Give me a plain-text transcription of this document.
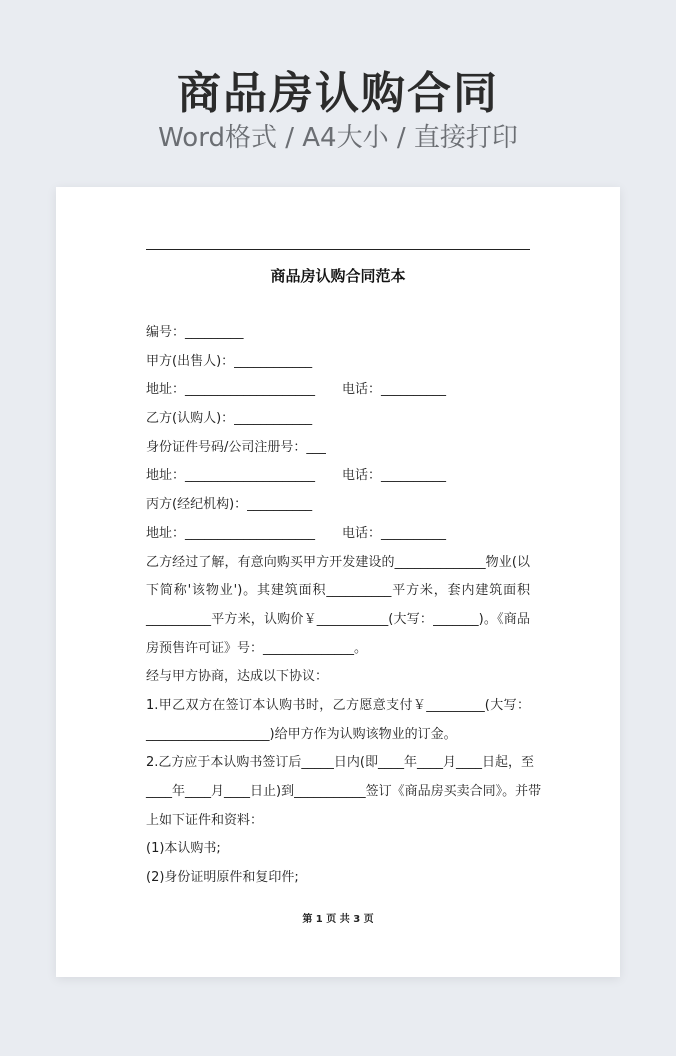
商品房认购合同
Word格式 / A4大小 / 直接打印
商品房认购合同范本
编号：_________
甲方(出售人)：____________
地址：____________________ 电话：__________
乙方(认购人)：____________
身份证件号码/公司注册号：___
地址：____________________ 电话：__________
丙方(经纪机构)：__________
地址：____________________ 电话：__________
乙方经过了解，有意向购买甲方开发建设的______________物业(以
下简称'该物业')。其建筑面积__________平方米，套内建筑面积
__________平方米，认购价￥___________(大写：_______)。《商品
房预售许可证》号：______________。
经与甲方协商，达成以下协议：
1.甲乙双方在签订本认购书时，乙方愿意支付￥_________(大写：
___________________)给甲方作为认购该物业的订金。
2.乙方应于本认购书签订后_____日内(即____年____月____日起，至
____年____月____日止)到___________签订《商品房买卖合同》。并带
上如下证件和资料：
(1)本认购书;
(2)身份证明原件和复印件;
第 1 页 共 3 页
